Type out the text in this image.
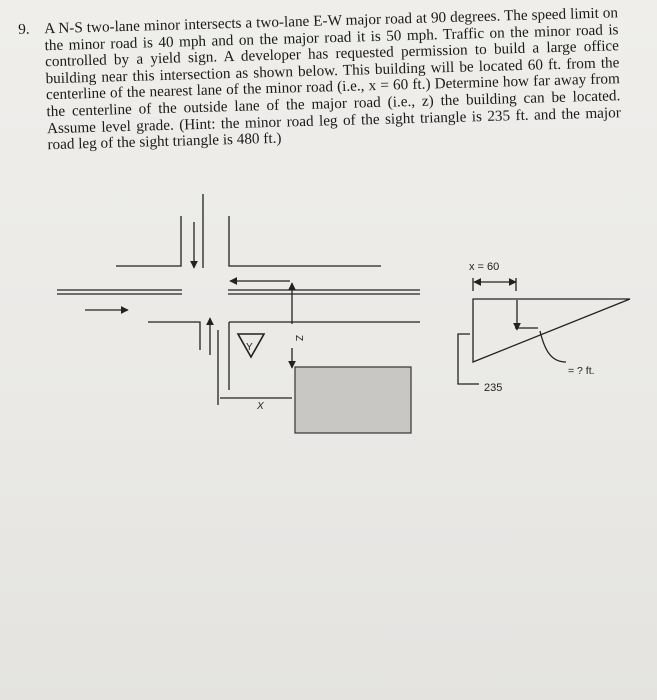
9. A N-S two-lane minor intersects a two-lane E-W major road at 90 degrees. The speed limit on the minor road is 40 mph and on the major road it is 50 mph. Traffic on the minor road is controlled by a yield sign. A developer has requested permission to build a large office building near this intersection as shown below. This building will be located 60 ft. from the centerline of the nearest lane of the minor road (i.e., x = 60 ft.) Determine how far away from the centerline of the outside lane of the major road (i.e., z) the building can be located. Assume level grade. (Hint: the minor road leg of the sight triangle is 235 ft. and the major road leg of the sight triangle is 480 ft.)
Y
Z
X
x = 60
235
= ? ft.
